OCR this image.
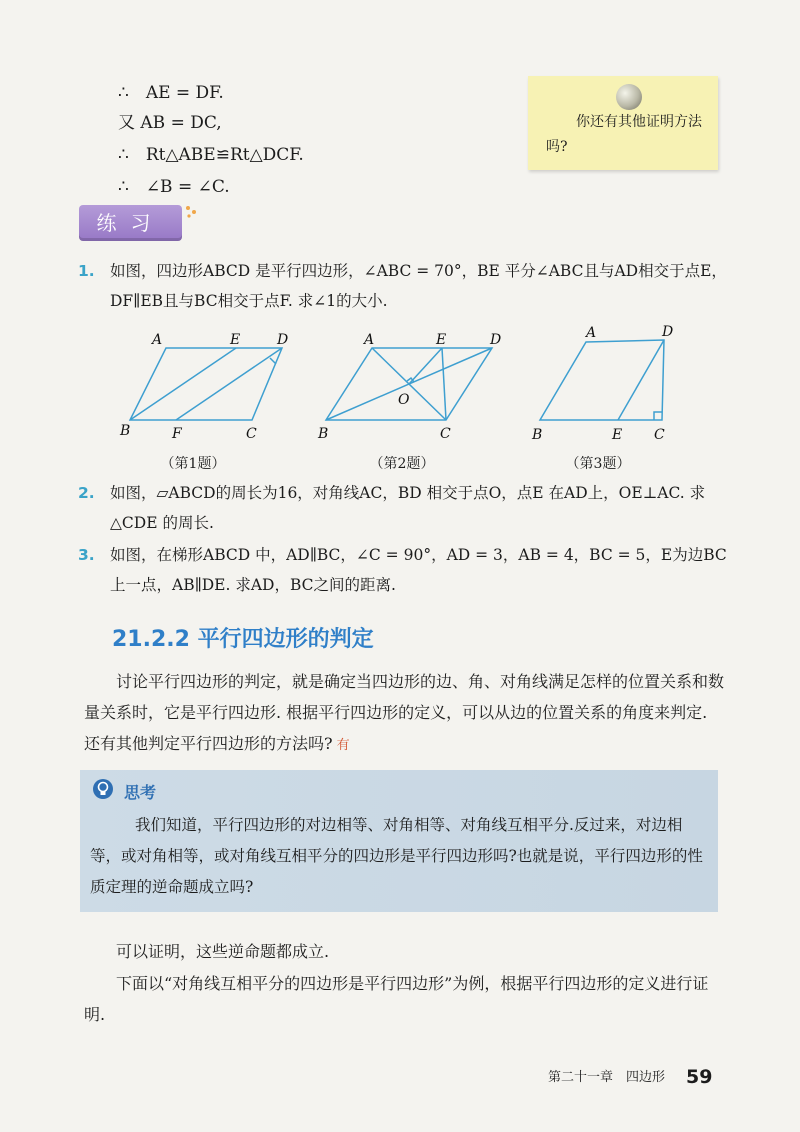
∴　AE = DF.
又 AB = DC,
∴　Rt△ABE≌Rt△DCF.
∴　∠B = ∠C.
你还有其他证明方法吗?
练习
1. 如图，四边形ABCD 是平行四边形，∠ABC = 70°，BE 平分∠ABC且与AD相交于点E，DF∥EB且与BC相交于点F. 求∠1的大小.
A	E	D
B	F	C
（第1题）
A	E	D
O
B	C
（第2题）
A	D
B	E C
（第3题）
2. 如图，▱ABCD的周长为16，对角线AC，BD 相交于点O，点E 在AD上，OE⊥AC. 求△CDE 的周长.
3. 如图，在梯形ABCD 中，AD∥BC，∠C = 90°，AD = 3，AB = 4，BC = 5，E为边BC上一点，AB∥DE. 求AD，BC之间的距离.
21.2.2 平行四边形的判定
讨论平行四边形的判定，就是确定当四边形的边、角、对角线满足怎样的位置关系和数量关系时，它是平行四边形. 根据平行四边形的定义，可以从边的位置关系的角度来判定. 还有其他判定平行四边形的方法吗? 有
思考
我们知道，平行四边形的对边相等、对角相等、对角线互相平分.反过来，对边相等，或对角相等，或对角线互相平分的四边形是平行四边形吗?也就是说，平行四边形的性质定理的逆命题成立吗?
可以证明，这些逆命题都成立.
下面以“对角线互相平分的四边形是平行四边形”为例，根据平行四边形的定义进行证明.
第二十一章　四边形 59
